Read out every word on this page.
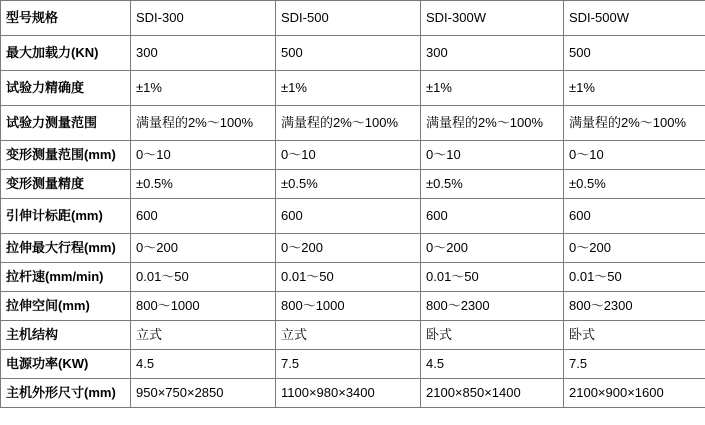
型号规格	SDI-300	SDI-500	SDI-300W	SDI-500W
最大加载力(KN)	300	500	300	500
试验力精确度	±1%	±1%	±1%	±1%
试验力测量范围	满量程的2%～100%	满量程的2%～100%	满量程的2%～100%	满量程的2%～100%
变形测量范围(mm)	0～10	0～10	0～10	0～10
变形测量精度	±0.5%	±0.5%	±0.5%	±0.5%
引伸计标距(mm)	600	600	600	600
拉伸最大行程(mm)	0～200	0～200	0～200	0～200
拉杆速(mm/min)	0.01～50	0.01～50	0.01～50	0.01～50
拉伸空间(mm)	800～1000	800～1000	800～2300	800～2300
主机结构	立式	立式	卧式	卧式
电源功率(KW)	4.5	7.5	4.5	7.5
主机外形尺寸(mm)	950×750×2850	1100×980×3400	2100×850×1400	2100×900×1600
